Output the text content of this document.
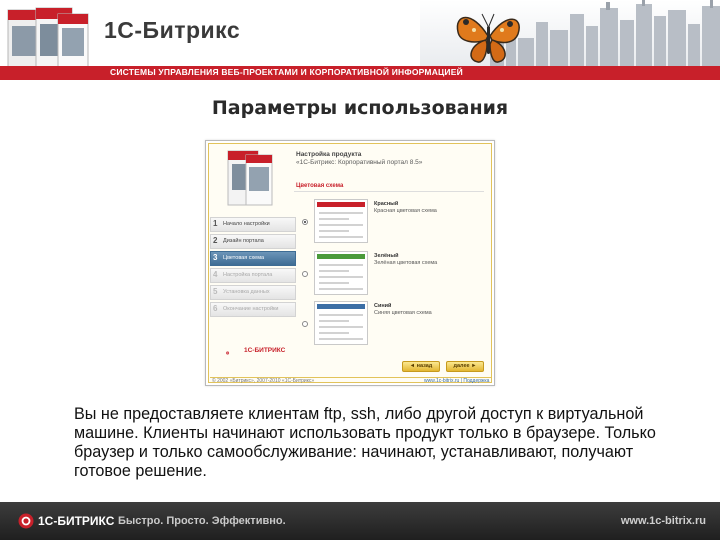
1С-Битрикс
СИСТЕМЫ УПРАВЛЕНИЯ ВЕБ-ПРОЕКТАМИ И КОРПОРАТИВНОЙ ИНФОРМАЦИЕЙ
Параметры использования
Настройка продукта
«1С-Битрикс: Корпоративный портал 8.5»
Цветовая схема
1 Начало настройки
2 Дизайн портала
3 Цветовая схема
4 Настройка портала
5 Установка данных
6 Окончание настройки
Красный
Красная цветовая схема
Зелёный
Зелёная цветовая схема
Синий
Синяя цветовая схема
1С-БИТРИКС
◄ назад	далее ►
© 2002 «Битрикс», 2007-2010 «1С-Битрикс»	www.1c-bitrix.ru | Поддержка
Вы не предоставляете клиентам ftp, ssh, либо другой доступ к виртуальной машине. Клиенты начинают использовать продукт только в браузере. Только браузер и только самообслуживание: начинают, устанавливают, получают готовое решение.
1С-БИТРИКС Быстро. Просто. Эффективно.	www.1c-bitrix.ru
